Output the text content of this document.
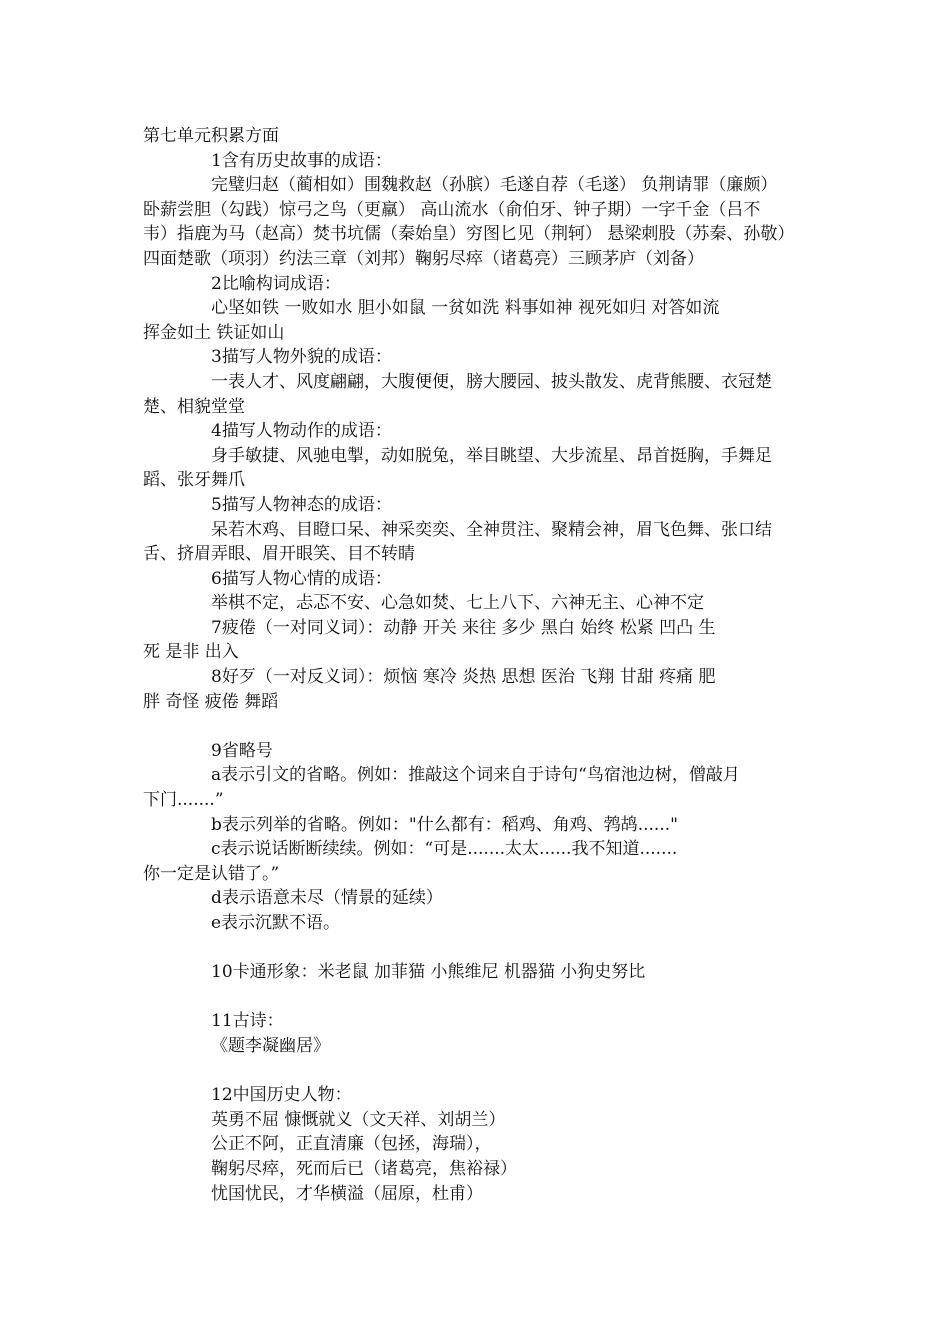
第七单元积累方面
1含有历史故事的成语：
完璧归赵（蔺相如）围魏救赵（孙膑）毛遂自荐（毛遂） 负荆请罪（廉颇）
卧薪尝胆（勾践）惊弓之鸟（更羸） 高山流水（俞伯牙、钟子期）一字千金（吕不
韦）指鹿为马（赵高）焚书坑儒（秦始皇）穷图匕见（荆轲） 悬梁刺股（苏秦、孙敬）
四面楚歌（项羽）约法三章（刘邦）鞠躬尽瘁（诸葛亮）三顾茅庐（刘备）
2比喻构词成语：
心坚如铁 一败如水 胆小如鼠 一贫如洗 料事如神 视死如归 对答如流
挥金如土 铁证如山
3描写人物外貌的成语：
一表人才、风度翩翩，大腹便便，膀大腰园、披头散发、虎背熊腰、衣冠楚
楚、相貌堂堂
4描写人物动作的成语：
身手敏捷、风驰电掣，动如脱兔，举目眺望、大步流星、昂首挺胸，手舞足
蹈、张牙舞爪
5描写人物神态的成语：
呆若木鸡、目瞪口呆、神采奕奕、全神贯注、聚精会神，眉飞色舞、张口结
舌、挤眉弄眼、眉开眼笑、目不转睛
6描写人物心情的成语：
举棋不定，忐忑不安、心急如焚、七上八下、六神无主、心神不定
7疲倦（一对同义词）：动静 开关 来往 多少 黑白 始终 松紧 凹凸 生
死 是非 出入
8好歹（一对反义词）：烦恼 寒冷 炎热 思想 医治 飞翔 甘甜 疼痛 肥
胖 奇怪 疲倦 舞蹈
9省略号
a表示引文的省略。例如：推敲这个词来自于诗句“鸟宿池边树，僧敲月
下门.......”
b表示列举的省略。例如："什么都有：稻鸡、角鸡、鹁鸪......"
c表示说话断断续续。例如：“可是.......太太......我不知道.......
你一定是认错了。”
d表示语意未尽（情景的延续）
e表示沉默不语。
10卡通形象：米老鼠 加菲猫 小熊维尼 机器猫 小狗史努比
11古诗：
《题李凝幽居》
12中国历史人物：
英勇不屈 慷慨就义（文天祥、刘胡兰）
公正不阿，正直清廉（包拯，海瑞），
鞠躬尽瘁，死而后已（诸葛亮，焦裕禄）
忧国忧民，才华横溢（屈原，杜甫）
